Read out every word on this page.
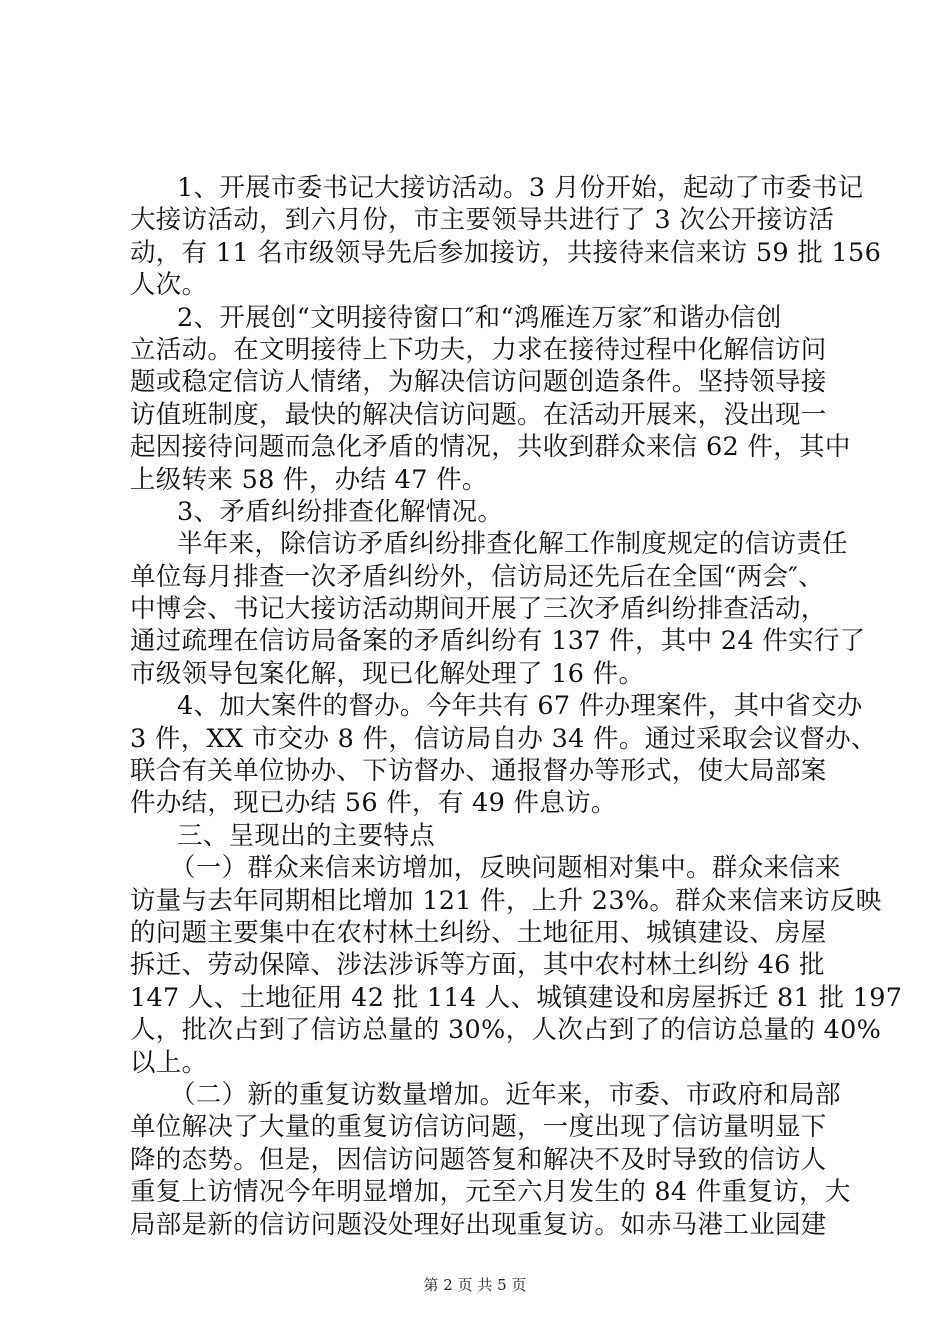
1、开展市委书记大接访活动。3 月份开始，起动了市委书记
大接访活动，到六月份，市主要领导共进行了 3 次公开接访活
动，有 11 名市级领导先后参加接访，共接待来信来访 59 批 156
人次。
2、开展创“文明接待窗口″和“鸿雁连万家″和谐办信创
立活动。在文明接待上下功夫，力求在接待过程中化解信访问
题或稳定信访人情绪，为解决信访问题创造条件。坚持领导接
访值班制度，最快的解决信访问题。在活动开展来，没出现一
起因接待问题而急化矛盾的情况，共收到群众来信 62 件，其中
上级转来 58 件，办结 47 件。
3、矛盾纠纷排查化解情况。
半年来，除信访矛盾纠纷排查化解工作制度规定的信访责任
单位每月排查一次矛盾纠纷外，信访局还先后在全国“两会″、
中博会、书记大接访活动期间开展了三次矛盾纠纷排查活动，
通过疏理在信访局备案的矛盾纠纷有 137 件，其中 24 件实行了
市级领导包案化解，现已化解处理了 16 件。
4、加大案件的督办。今年共有 67 件办理案件，其中省交办
3 件，XX 市交办 8 件，信访局自办 34 件。通过采取会议督办、
联合有关单位协办、下访督办、通报督办等形式，使大局部案
件办结，现已办结 56 件，有 49 件息访。
三、呈现出的主要特点
（一）群众来信来访增加，反映问题相对集中。群众来信来
访量与去年同期相比增加 121 件，上升 23%。群众来信来访反映
的问题主要集中在农村林土纠纷、土地征用、城镇建设、房屋
拆迁、劳动保障、涉法涉诉等方面，其中农村林土纠纷 46 批
147 人、土地征用 42 批 114 人、城镇建设和房屋拆迁 81 批 197
人，批次占到了信访总量的 30%，人次占到了的信访总量的 40%
以上。
（二）新的重复访数量增加。近年来，市委、市政府和局部
单位解决了大量的重复访信访问题，一度出现了信访量明显下
降的态势。但是，因信访问题答复和解决不及时导致的信访人
重复上访情况今年明显增加，元至六月发生的 84 件重复访，大
局部是新的信访问题没处理好出现重复访。如赤马港工业园建
第 2 页 共 5 页
